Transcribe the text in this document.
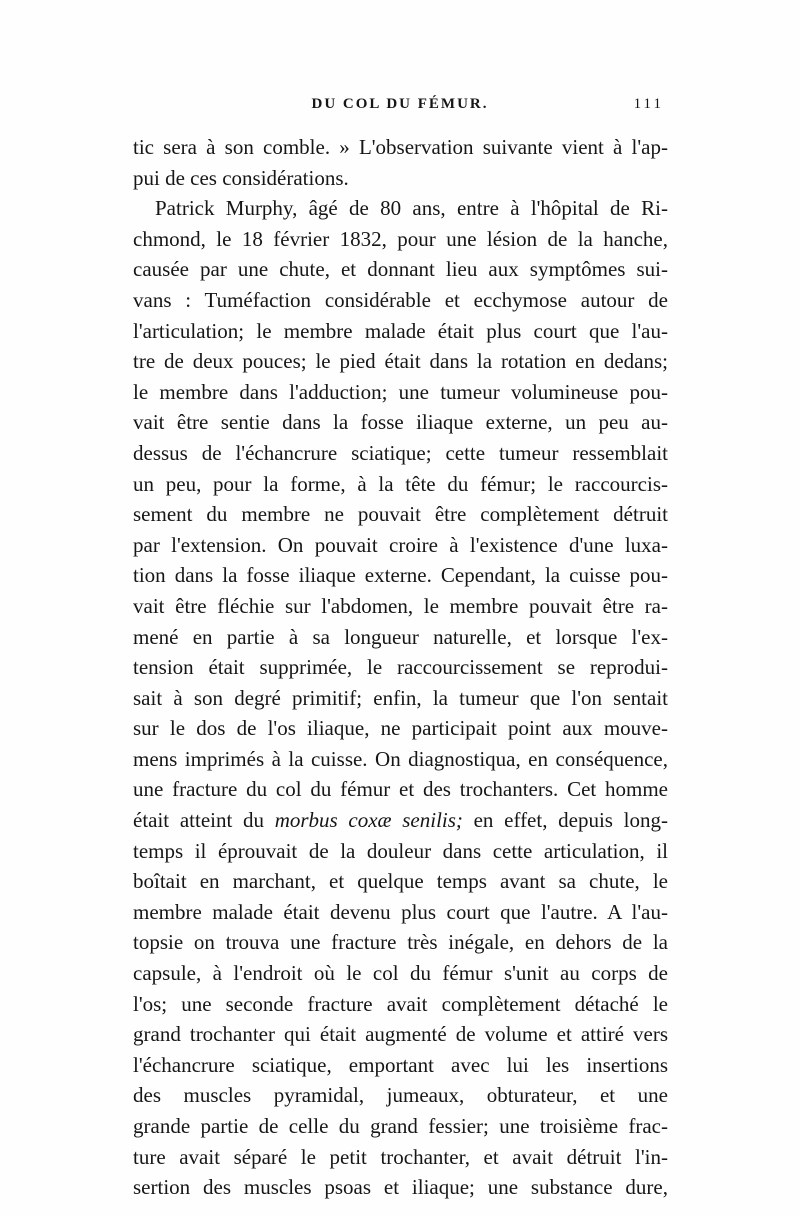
DU COL DU FÉMUR.	111
tic sera à son comble. » L'observation suivante vient à l'ap-
pui de ces considérations.
Patrick Murphy, âgé de 80 ans, entre à l'hôpital de Ri-
chmond, le 18 février 1832, pour une lésion de la hanche,
causée par une chute, et donnant lieu aux symptômes sui-
vans : Tuméfaction considérable et ecchymose autour de
l'articulation; le membre malade était plus court que l'au-
tre de deux pouces; le pied était dans la rotation en dedans;
le membre dans l'adduction; une tumeur volumineuse pou-
vait être sentie dans la fosse iliaque externe, un peu au-
dessus de l'échancrure sciatique; cette tumeur ressemblait
un peu, pour la forme, à la tête du fémur; le raccourcis-
sement du membre ne pouvait être complètement détruit
par l'extension. On pouvait croire à l'existence d'une luxa-
tion dans la fosse iliaque externe. Cependant, la cuisse pou-
vait être fléchie sur l'abdomen, le membre pouvait être ra-
mené en partie à sa longueur naturelle, et lorsque l'ex-
tension était supprimée, le raccourcissement se reprodui-
sait à son degré primitif; enfin, la tumeur que l'on sentait
sur le dos de l'os iliaque, ne participait point aux mouve-
mens imprimés à la cuisse. On diagnostiqua, en conséquence,
une fracture du col du fémur et des trochanters. Cet homme
était atteint du morbus coxæ senilis; en effet, depuis long-
temps il éprouvait de la douleur dans cette articulation, il
boîtait en marchant, et quelque temps avant sa chute, le
membre malade était devenu plus court que l'autre. A l'au-
topsie on trouva une fracture très inégale, en dehors de la
capsule, à l'endroit où le col du fémur s'unit au corps de
l'os; une seconde fracture avait complètement détaché le
grand trochanter qui était augmenté de volume et attiré vers
l'échancrure sciatique, emportant avec lui les insertions
des muscles pyramidal, jumeaux, obturateur, et une
grande partie de celle du grand fessier; une troisième frac-
ture avait séparé le petit trochanter, et avait détruit l'in-
sertion des muscles psoas et iliaque; une substance dure,
